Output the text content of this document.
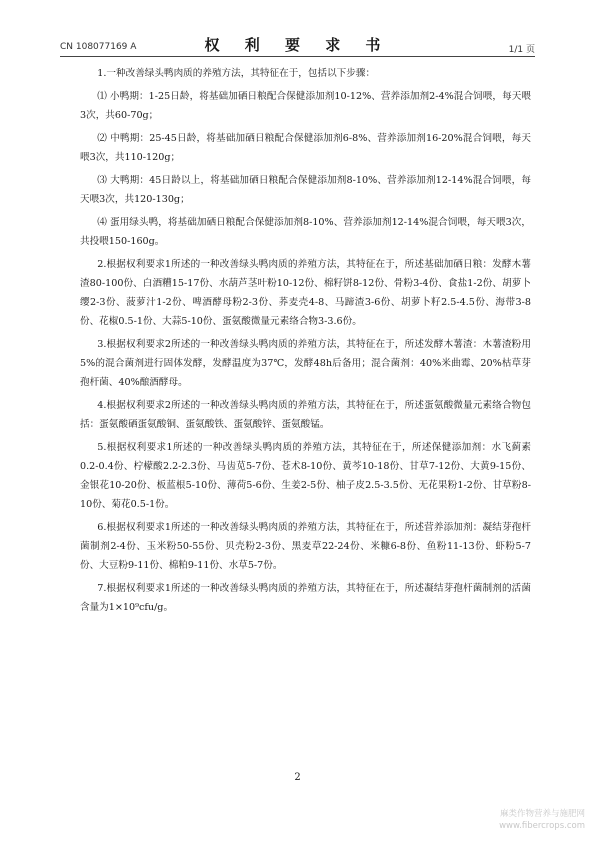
CN 108077169 A	权 利 要 求 书	1/1 页

1.一种改善绿头鸭肉质的养殖方法，其特征在于，包括以下步骤：

⑴ 小鸭期：1-25日龄，将基础加硒日粮配合保健添加剂10-12%、营养添加剂2-4%混合饲喂，每天喂3次，共60-70g；

⑵ 中鸭期：25-45日龄，将基础加硒日粮配合保健添加剂6-8%、营养添加剂16-20%混合饲喂，每天喂3次，共110-120g；

⑶ 大鸭期：45日龄以上，将基础加硒日粮配合保健添加剂8-10%、营养添加剂12-14%混合饲喂，每天喂3次，共120-130g；

⑷ 蛋用绿头鸭，将基础加硒日粮配合保健添加剂8-10%、营养添加剂12-14%混合饲喂，每天喂3次，共投喂150-160g。

2.根据权利要求1所述的一种改善绿头鸭肉质的养殖方法，其特征在于，所述基础加硒日粮：发酵木薯渣80-100份、白酒糟15-17份、水葫芦茎叶粉10-12份、棉籽饼8-12份、骨粉3-4份、食盐1-2份、胡萝卜缨2-3份、菠萝汁1-2份、啤酒酵母粉2-3份、荞麦壳4-8、马蹄渣3-6份、胡萝卜籽2.5-4.5份、海带3-8份、花椒0.5-1份、大蒜5-10份、蛋氨酸微量元素络合物3-3.6份。

3.根据权利要求2所述的一种改善绿头鸭肉质的养殖方法，其特征在于，所述发酵木薯渣：木薯渣粉用5%的混合菌剂进行固体发酵，发酵温度为37℃，发酵48h后备用；混合菌剂：40%米曲霉、20%枯草芽孢杆菌、40%酿酒酵母。

4.根据权利要求2所述的一种改善绿头鸭肉质的养殖方法，其特征在于，所述蛋氨酸微量元素络合物包括：蛋氨酸硒蛋氨酸铜、蛋氨酸铁、蛋氨酸锌、蛋氨酸锰。

5.根据权利要求1所述的一种改善绿头鸭肉质的养殖方法，其特征在于，所述保健添加剂：水飞蓟素0.2-0.4份、柠檬酸2.2-2.3份、马齿苋5-7份、苍术8-10份、黄芩10-18份、甘草7-12份、大黄9-15份、金银花10-20份、板蓝根5-10份、薄荷5-6份、生姜2-5份、柚子皮2.5-3.5份、无花果粉1-2份、甘草粉8-10份、菊花0.5-1份。

6.根据权利要求1所述的一种改善绿头鸭肉质的养殖方法，其特征在于，所述营养添加剂：凝结芽孢杆菌制剂2-4份、玉米粉50-55份、贝壳粉2-3份、黑麦草22-24份、米糠6-8份、鱼粉11-13份、虾粉5-7份、大豆粉9-11份、棉粕9-11份、水草5-7份。

7.根据权利要求1所述的一种改善绿头鸭肉质的养殖方法，其特征在于，所述凝结芽孢杆菌制剂的活菌含量为1×10⁹cfu/g。

2
麻类作物营养与施肥网
www.fibercrops.com
